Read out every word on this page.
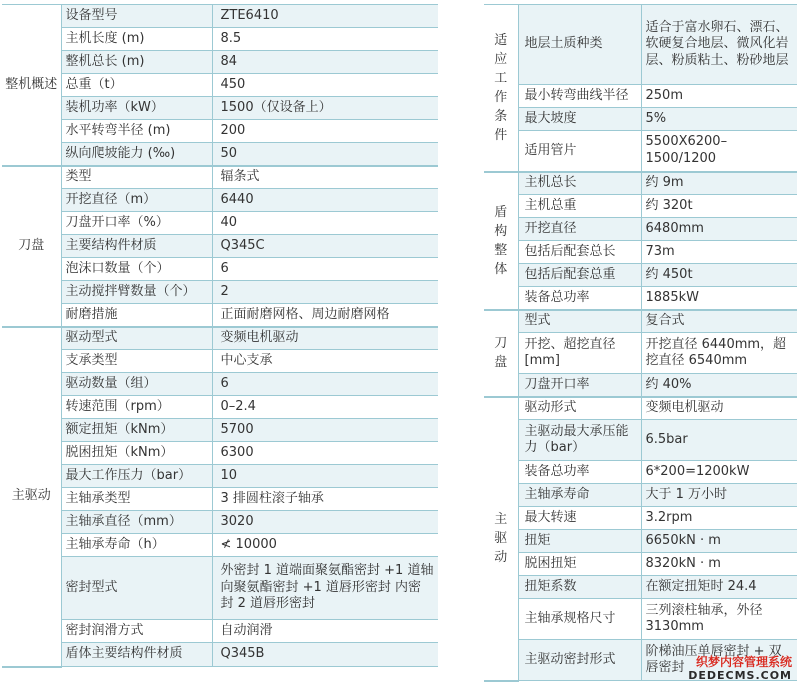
整机概述	设备型号	ZTE6410
	主机长度 (m)	8.5
	整机总长 (m)	84
	总重（t）	450
	装机功率（kW）	1500（仅设备上）
	水平转弯半径 (m)	200
	纵向爬坡能力 (‰)	50
刀盘	类型	辐条式
	开挖直径（m）	6440
	刀盘开口率（%）	40
	主要结构件材质	Q345C
	泡沫口数量（个）	6
	主动搅拌臂数量（个）	2
	耐磨措施	正面耐磨网格、周边耐磨网格
主驱动	驱动型式	变频电机驱动
	支承类型	中心支承
	驱动数量（组）	6
	转速范围（rpm）	0–2.4
	额定扭矩（kNm）	5700
	脱困扭矩（kNm）	6300
	最大工作压力（bar）	10
	主轴承类型	3 排圆柱滚子轴承
	主轴承直径（mm）	3020
	主轴承寿命（h）	≮ 10000
	密封型式	外密封 1 道端面聚氨酯密封 +1 道轴向聚氨酯密封 +1 道唇形密封 内密封 2 道唇形密封
	密封润滑方式	自动润滑
	盾体主要结构件材质	Q345B
适应工作条件	地层土质种类	适合于富水卵石、漂石、软硬复合地层、微风化岩层、粉质粘土、粉砂地层
	最小转弯曲线半径	250m
	最大坡度	5%
	适用管片	5500X6200–1500/1200
盾构整体	主机总长	约 9m
	主机总重	约 320t
	开挖直径	6480mm
	包括后配套总长	73m
	包括后配套总重	约 450t
	装备总功率	1885kW
刀盘	型式	复合式
	开挖、超挖直径 [mm]	开挖直径 6440mm，超挖直径 6540mm
	刀盘开口率	约 40%
主驱动	驱动形式	变频电机驱动
	主驱动最大承压能力（bar）	6.5bar
	装备总功率	6*200=1200kW
	主轴承寿命	大于 1 万小时
	最大转速	3.2rpm
	扭矩	6650kN · m
	脱困扭矩	8320kN · m
	扭矩系数	在额定扭矩时 24.4
	主轴承规格尺寸	三列滚柱轴承，外径 3130mm
	主驱动密封形式	阶梯油压单唇密封 + 双唇密封 织梦内容管理系统
DEDECMS.COM
